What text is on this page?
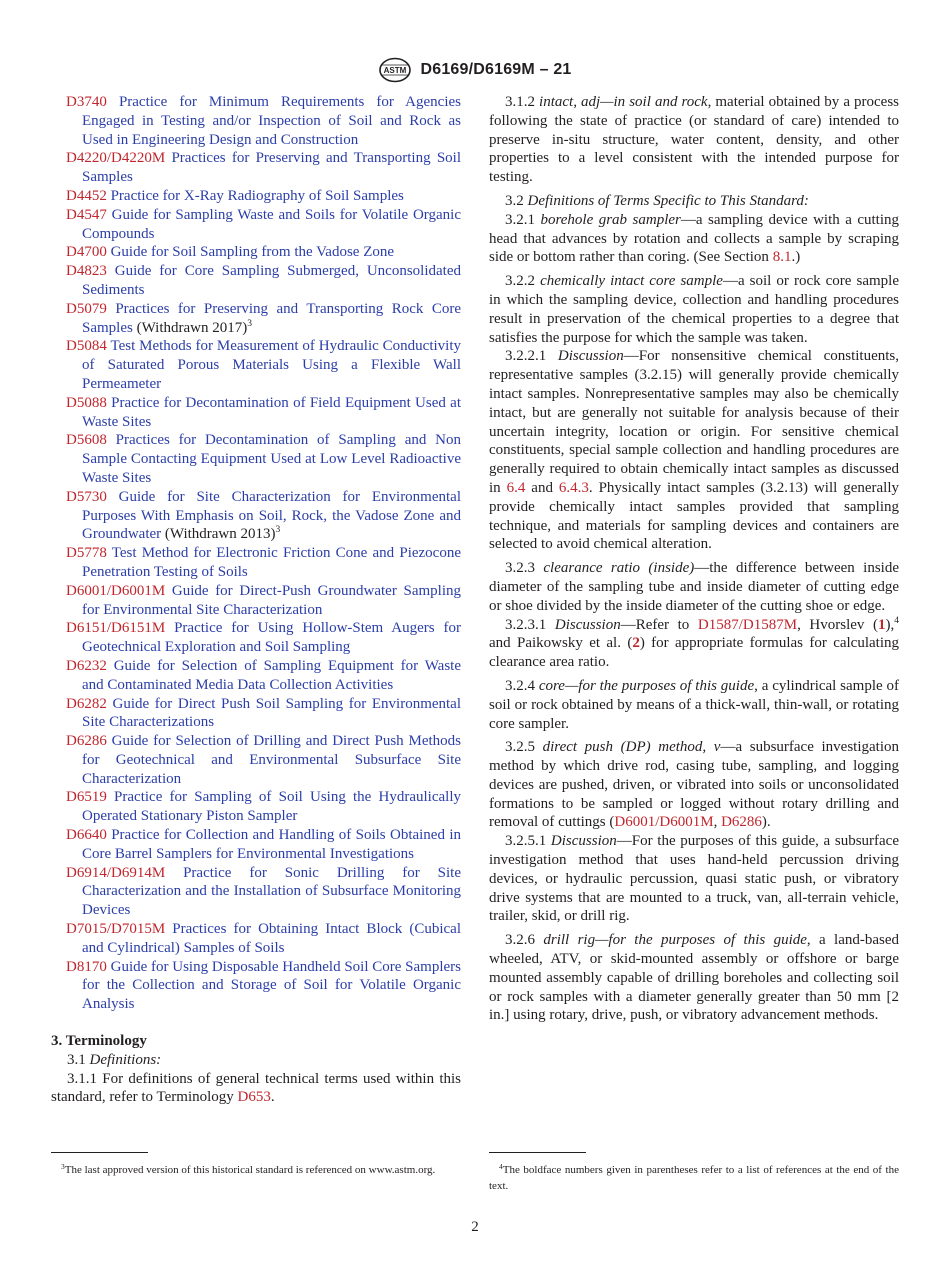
ASTM D6169/D6169M – 21

D3740 Practice for Minimum Requirements for Agencies Engaged in Testing and/or Inspection of Soil and Rock as Used in Engineering Design and Construction

D4220/D4220M Practices for Preserving and Transporting Soil Samples

D4452 Practice for X-Ray Radiography of Soil Samples

D4547 Guide for Sampling Waste and Soils for Volatile Organic Compounds

D4700 Guide for Soil Sampling from the Vadose Zone

D4823 Guide for Core Sampling Submerged, Unconsolidated Sediments

D5079 Practices for Preserving and Transporting Rock Core Samples (Withdrawn 2017)$^3$

D5084 Test Methods for Measurement of Hydraulic Conductivity of Saturated Porous Materials Using a Flexible Wall Permeameter

D5088 Practice for Decontamination of Field Equipment Used at Waste Sites

D5608 Practices for Decontamination of Sampling and Non Sample Contacting Equipment Used at Low Level Radioactive Waste Sites

D5730 Guide for Site Characterization for Environmental Purposes With Emphasis on Soil, Rock, the Vadose Zone and Groundwater (Withdrawn 2013)$^3$

D5778 Test Method for Electronic Friction Cone and Piezocone Penetration Testing of Soils

D6001/D6001M Guide for Direct-Push Groundwater Sampling for Environmental Site Characterization

D6151/D6151M Practice for Using Hollow-Stem Augers for Geotechnical Exploration and Soil Sampling

D6232 Guide for Selection of Sampling Equipment for Waste and Contaminated Media Data Collection Activities

D6282 Guide for Direct Push Soil Sampling for Environmental Site Characterizations

D6286 Guide for Selection of Drilling and Direct Push Methods for Geotechnical and Environmental Subsurface Site Characterization

D6519 Practice for Sampling of Soil Using the Hydraulically Operated Stationary Piston Sampler

D6640 Practice for Collection and Handling of Soils Obtained in Core Barrel Samplers for Environmental Investigations

D6914/D6914M Practice for Sonic Drilling for Site Characterization and the Installation of Subsurface Monitoring Devices

D7015/D7015M Practices for Obtaining Intact Block (Cubical and Cylindrical) Samples of Soils

D8170 Guide for Using Disposable Handheld Soil Core Samplers for the Collection and Storage of Soil for Volatile Organic Analysis

3. Terminology

3.1 Definitions:

3.1.1 For definitions of general technical terms used within this standard, refer to Terminology D653.

3.1.2 intact, adj—in soil and rock, material obtained by a process following the state of practice (or standard of care) intended to preserve in-situ structure, water content, density, and other properties to a level consistent with the intended purpose for testing.

3.2 Definitions of Terms Specific to This Standard:

3.2.1 borehole grab sampler—a sampling device with a cutting head that advances by rotation and collects a sample by scraping side or bottom rather than coring. (See Section 8.1.)

3.2.2 chemically intact core sample—a soil or rock core sample in which the sampling device, collection and handling procedures result in preservation of the chemical properties to a degree that satisfies the purpose for which the sample was taken.

3.2.2.1 Discussion—For nonsensitive chemical constituents, representative samples (3.2.15) will generally provide chemically intact samples. Nonrepresentative samples may also be chemically intact, but are generally not suitable for analysis because of their uncertain integrity, location or origin. For sensitive chemical constituents, special sample collection and handling procedures are generally required to obtain chemically intact samples as discussed in 6.4 and 6.4.3. Physically intact samples (3.2.13) will generally provide chemically intact samples provided that sampling technique, and materials for sampling devices and containers are selected to avoid chemical alteration.

3.2.3 clearance ratio (inside)—the difference between inside diameter of the sampling tube and inside diameter of cutting edge or shoe divided by the inside diameter of the cutting shoe or edge.

3.2.3.1 Discussion—Refer to D1587/D1587M, Hvorslev (1),$^4$ and Paikowsky et al. (2) for appropriate formulas for calculating clearance area ratio.

3.2.4 core—for the purposes of this guide, a cylindrical sample of soil or rock obtained by means of a thick-wall, thin-wall, or rotating core sampler.

3.2.5 direct push (DP) method, v—a subsurface investigation method by which drive rod, casing tube, sampling, and logging devices are pushed, driven, or vibrated into soils or unconsolidated formations to be sampled or logged without rotary drilling and removal of cuttings (D6001/D6001M, D6286).

3.2.5.1 Discussion—For the purposes of this guide, a subsurface investigation method that uses hand-held percussion driving devices, or hydraulic percussion, quasi static push, or vibratory drive systems that are mounted to a truck, van, all-terrain vehicle, trailer, skid, or drill rig.

3.2.6 drill rig—for the purposes of this guide, a land-based wheeled, ATV, or skid-mounted assembly or offshore or barge mounted assembly capable of drilling boreholes and collecting soil or rock samples with a diameter generally greater than 50 mm [2 in.] using rotary, drive, push, or vibratory advancement methods.

$^3$The last approved version of this historical standard is referenced on www.astm.org.	$^4$The boldface numbers given in parentheses refer to a list of references at the end of the text.
2
